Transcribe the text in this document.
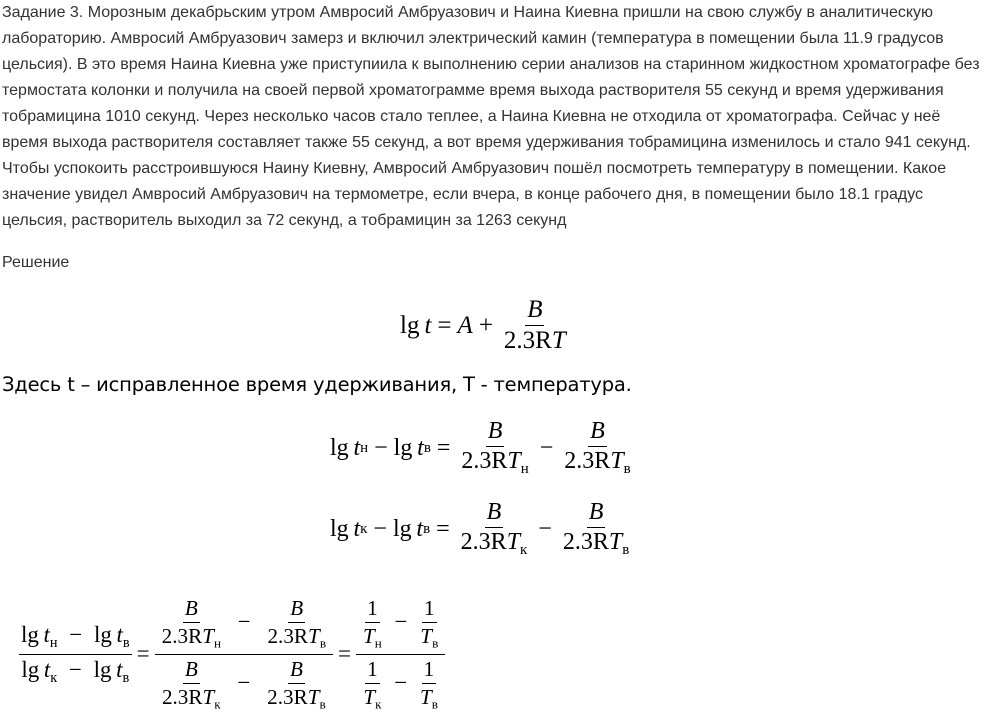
Задание 3. Морозным декабрьским утром Амвросий Амбруазович и Наина Киевна пришли на свою службу в аналитическую лабораторию. Амвросий Амбруазович замерз и включил электрический камин (температура в помещении была 11.9 градусов цельсия). В это время Наина Киевна уже приступиила к выполнению серии анализов на старинном жидкостном хроматографе без термостата колонки и получила на своей первой хроматограмме время выхода растворителя 55 секунд и время удерживания тобрамицина 1010 секунд. Через несколько часов стало теплее, а Наина Киевна не отходила от хроматографа. Сейчас у неё время выхода растворителя составляет также 55 секунд, а вот время удерживания тобрамицина изменилось и стало 941 секунд. Чтобы успокоить расстроившуюся Наину Киевну, Амвросий Амбруазович пошёл посмотреть температуру в помещении. Какое значение увидел Амвросий Амбруазович на термометре, если вчера, в конце рабочего дня, в помещении было 18.1 градус цельсия, растворитель выходил за 72 секунд, а тобрамицин за 1263 секунд

Решение
lg
  $t = A + \frac{B}{2.3RT}$
Здесь t – исправленное время удерживания, T - температура.
lg
  t н − lg
  t $в = \frac{B}{2.3RT_н} - \frac{B}{2.3RT_в}$
lg
  t к − lg
  t $в = \frac{B}{2.3RT_к} - \frac{B}{2.3RT_в}$
$\frac{\lg t_н - \lg t_в}{\lg t_к - \lg t_в}$ =
$\frac{B}{2.3RT_н} - \frac{B}{2.3RT_в}$
$\frac{B}{2.3RT_к} - \frac{B}{2.3RT_в}$
=
$\frac{1}{T_н} - \frac{1}{T_в}$
$\frac{1}{T_к} - \frac{1}{T_в}$
